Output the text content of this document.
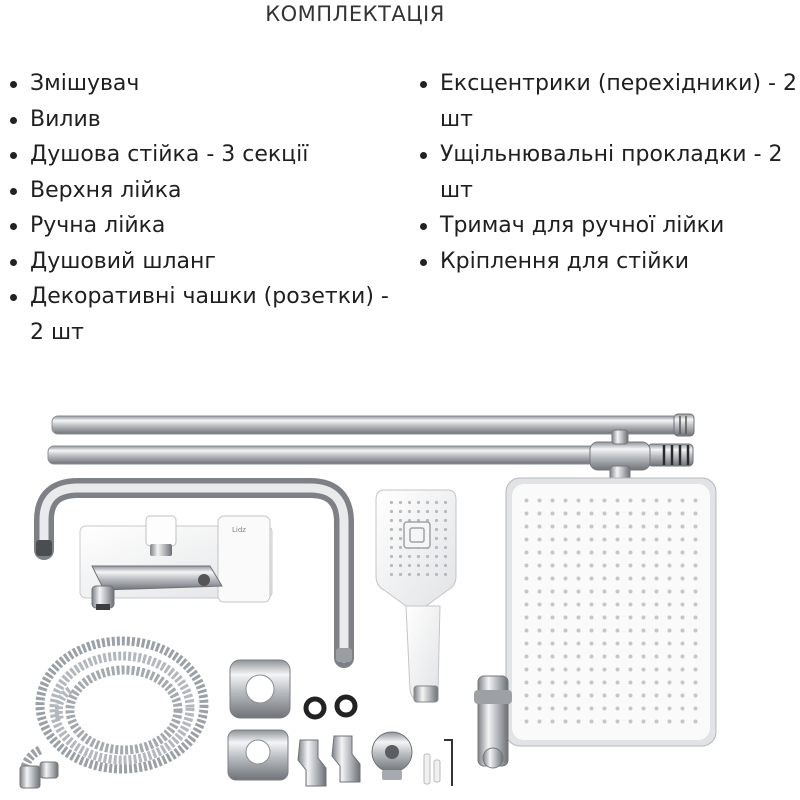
КОМПЛЕКТАЦІЯ
Змішувач
Вилив
Душова стійка - 3 секції
Верхня лійка
Ручна лійка
Душовий шланг
Декоративні чашки (розетки) - 2 шт
Ексцентрики (перехідники) - 2 шт
Ущільнювальні прокладки - 2 шт
Тримач для ручної лійки
Кріплення для стійки
Lidz
